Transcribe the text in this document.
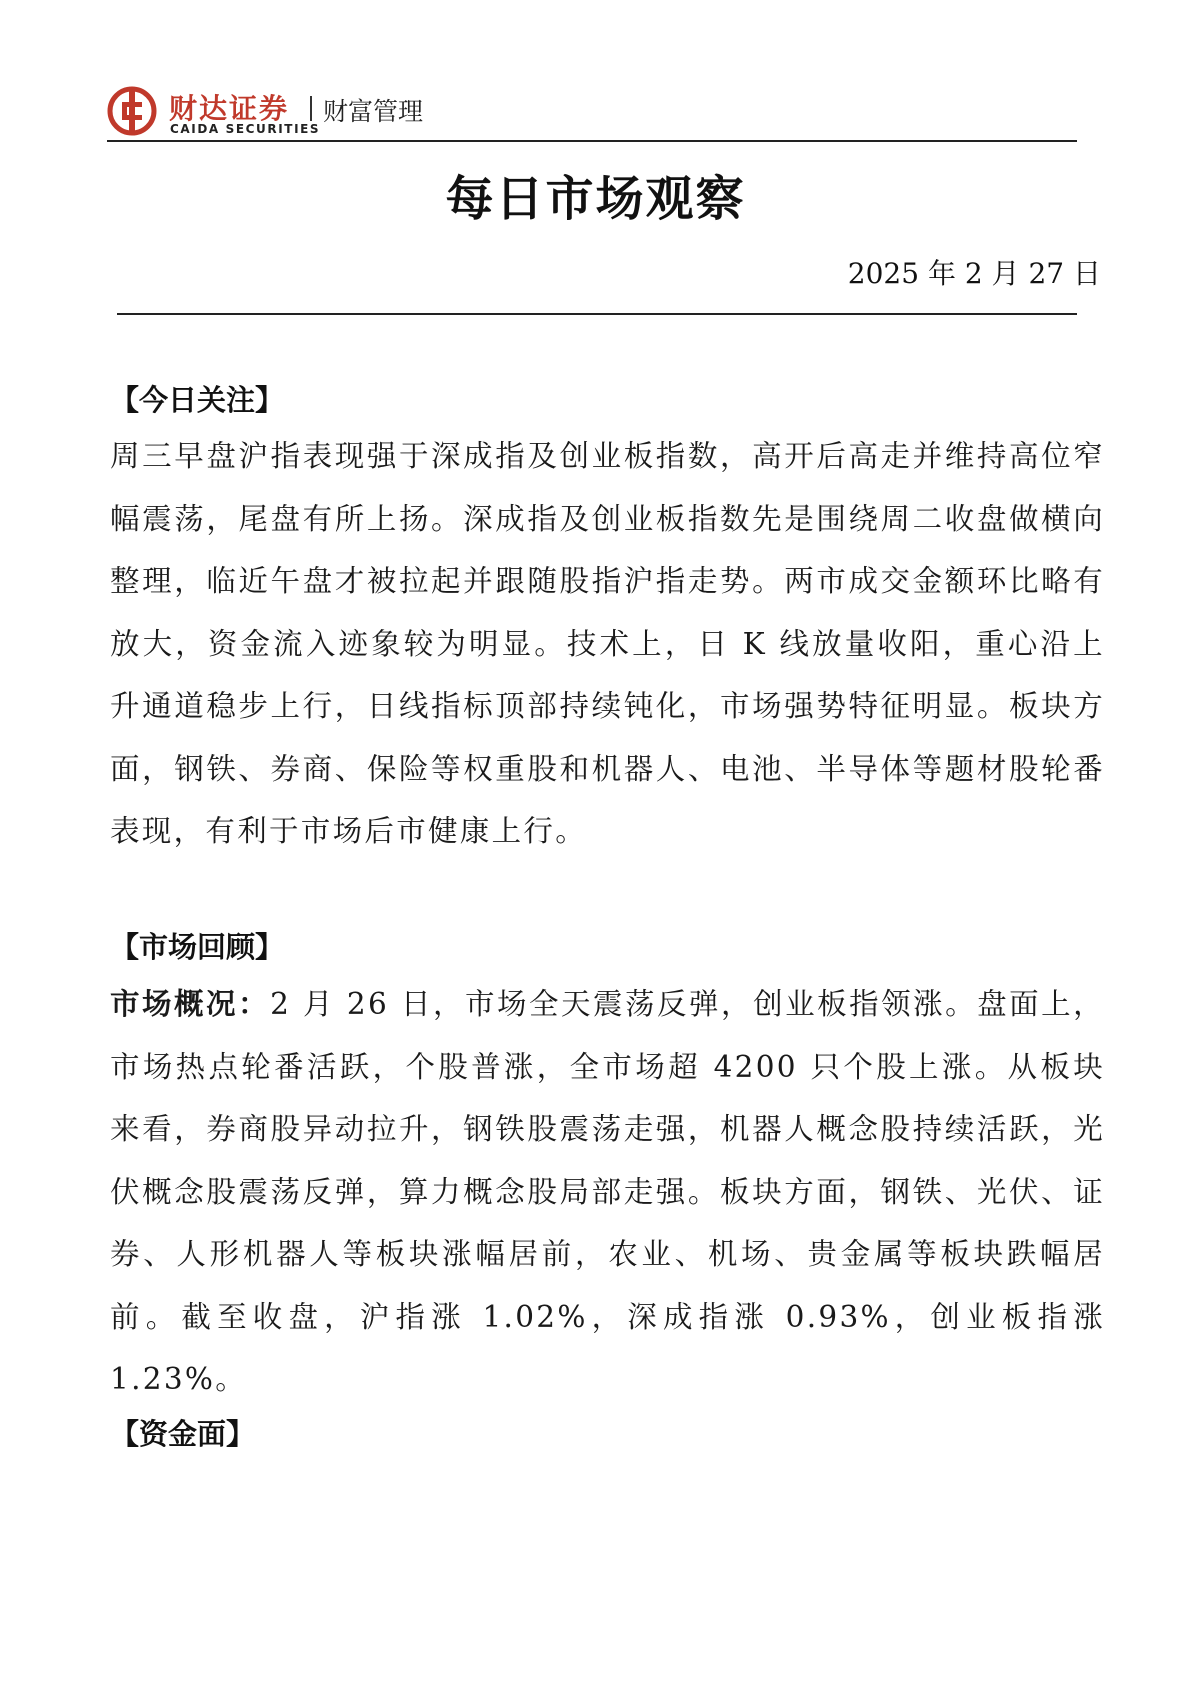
财达证券
CAIDA SECURITIES
财富管理
每日市场观察
2025 年 2 月 27 日
【今日关注】
周三早盘沪指表现强于深成指及创业板指数，高开后高走并维持高位窄幅震荡，尾盘有所上扬。深成指及创业板指数先是围绕周二收盘做横向整理，临近午盘才被拉起并跟随股指沪指走势。两市成交金额环比略有放大，资金流入迹象较为明显。技术上，日 K 线放量收阳，重心沿上升通道稳步上行，日线指标顶部持续钝化，市场强势特征明显。板块方面，钢铁、券商、保险等权重股和机器人、电池、半导体等题材股轮番表现，有利于市场后市健康上行。
【市场回顾】
市场概况：2 月 26 日，市场全天震荡反弹，创业板指领涨。盘面上，市场热点轮番活跃，个股普涨，全市场超 4200 只个股上涨。从板块来看，券商股异动拉升，钢铁股震荡走强，机器人概念股持续活跃，光伏概念股震荡反弹，算力概念股局部走强。板块方面，钢铁、光伏、证券、人形机器人等板块涨幅居前，农业、机场、贵金属等板块跌幅居前。截至收盘，沪指涨 1.02%，深成指涨 0.93%，创业板指涨 1.23%。
【资金面】
